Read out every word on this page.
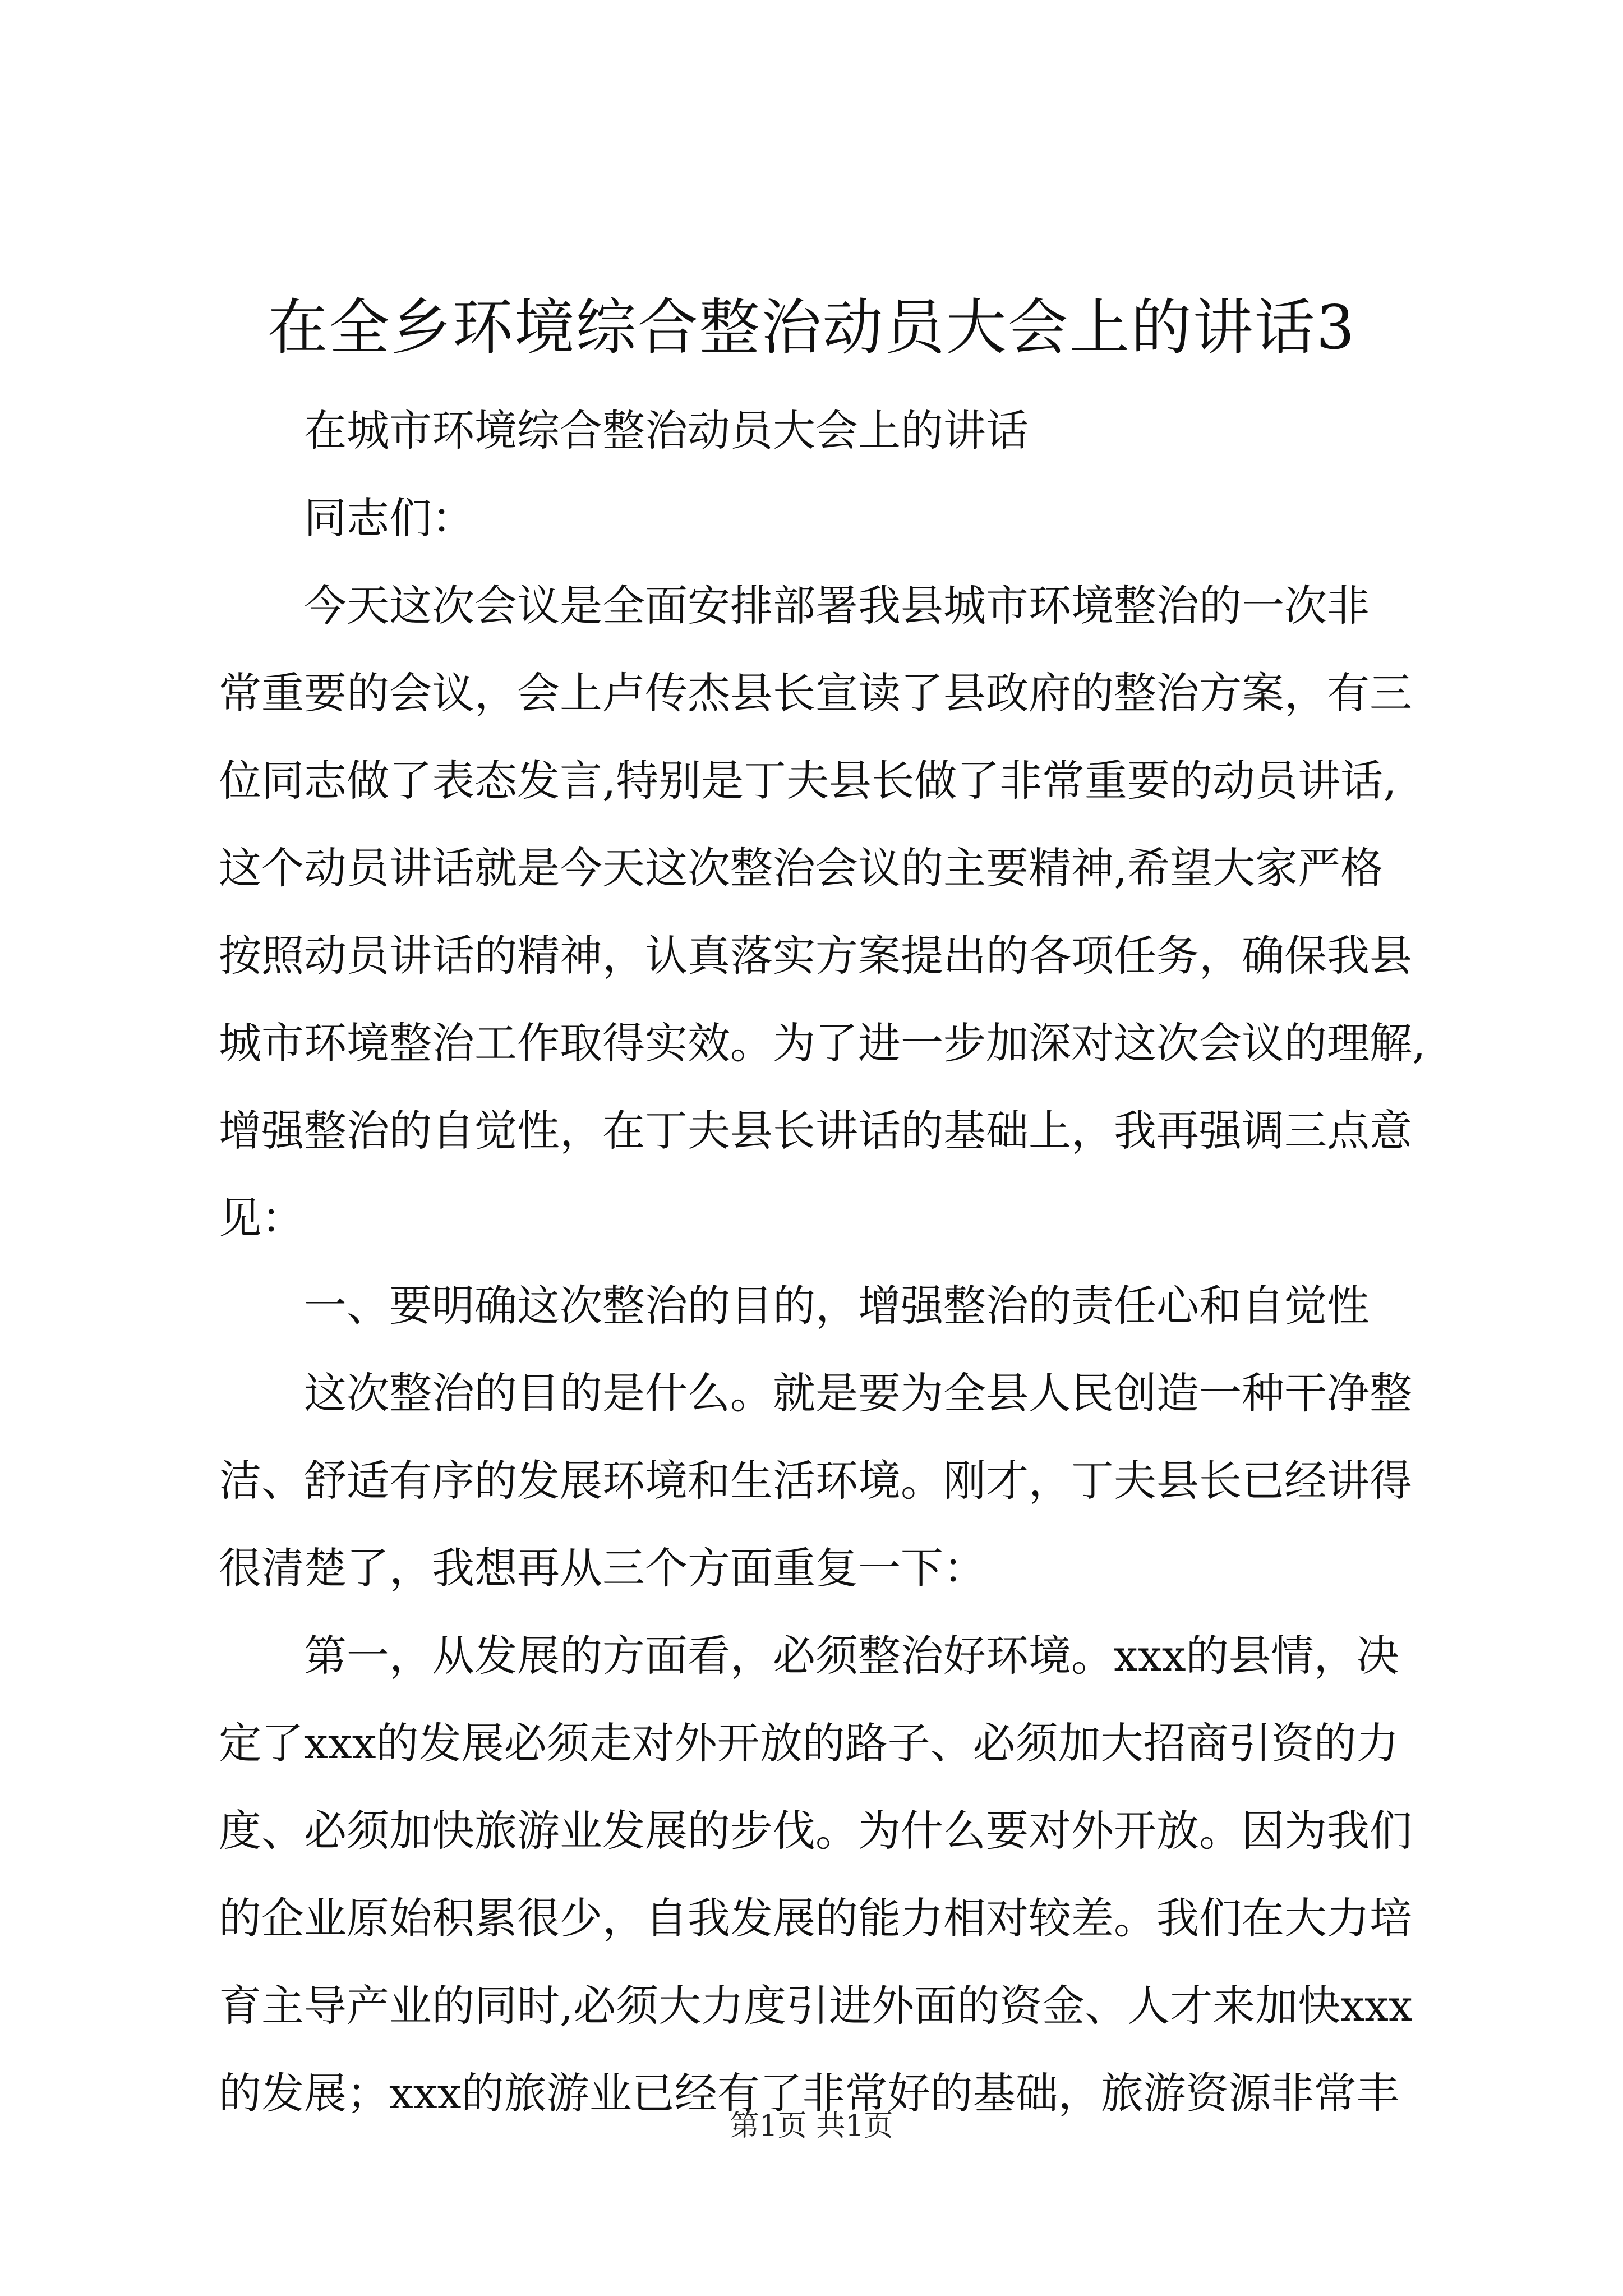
在全乡环境综合整治动员大会上的讲话3
在城市环境综合整治动员大会上的讲话
同志们：
今天这次会议是全面安排部署我县城市环境整治的一次非
常重要的会议，会上卢传杰县长宣读了县政府的整治方案，有三
位同志做了表态发言,特别是丁夫县长做了非常重要的动员讲话,
这个动员讲话就是今天这次整治会议的主要精神,希望大家严格
按照动员讲话的精神，认真落实方案提出的各项任务，确保我县
城市环境整治工作取得实效。为了进一步加深对这次会议的理解,
增强整治的自觉性，在丁夫县长讲话的基础上，我再强调三点意
见：
一、要明确这次整治的目的，增强整治的责任心和自觉性
这次整治的目的是什么。就是要为全县人民创造一种干净整
洁、舒适有序的发展环境和生活环境。刚才，丁夫县长已经讲得
很清楚了，我想再从三个方面重复一下：
第一，从发展的方面看，必须整治好环境。xxx的县情，决
定了xxx的发展必须走对外开放的路子、必须加大招商引资的力
度、必须加快旅游业发展的步伐。为什么要对外开放。因为我们
的企业原始积累很少，自我发展的能力相对较差。我们在大力培
育主导产业的同时,必须大力度引进外面的资金、人才来加快xxx
的发展；xxx的旅游业已经有了非常好的基础，旅游资源非常丰
第1页 共1页
